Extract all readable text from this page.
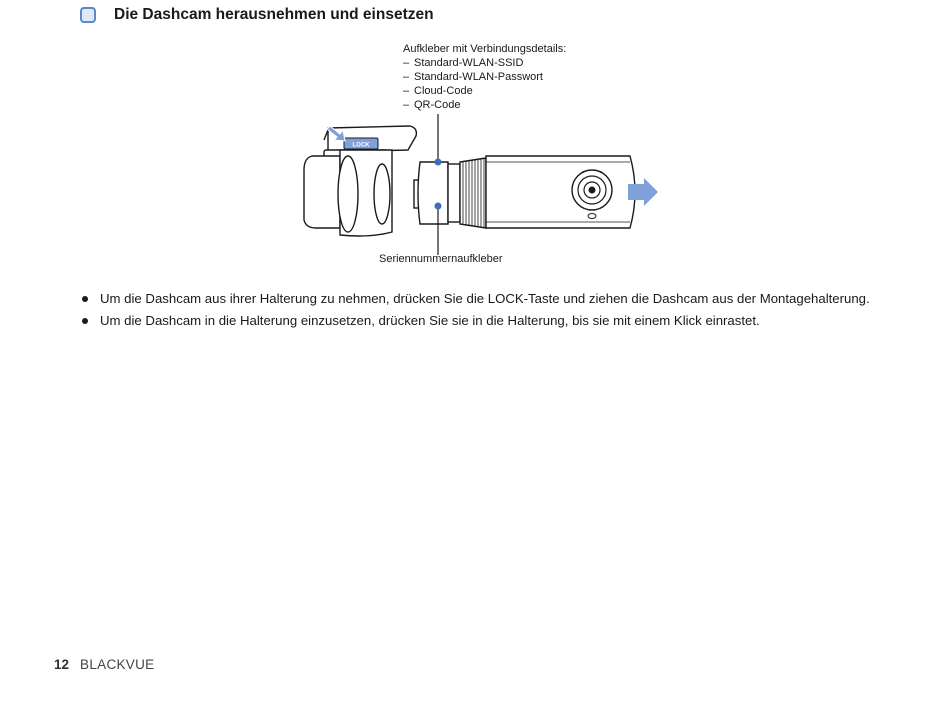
Die Dashcam herausnehmen und einsetzen
Aufkleber mit Verbindungsdetails:
– Standard-WLAN-SSID
– Standard-WLAN-Passwort
– Cloud-Code
– QR-Code
LOCK
Seriennummernaufkleber
Um die Dashcam aus ihrer Halterung zu nehmen, drücken Sie die LOCK-Taste und ziehen die Dashcam aus der Montagehalterung.
Um die Dashcam in die Halterung einzusetzen, drücken Sie sie in die Halterung, bis sie mit einem Klick einrastet.
12 BLACKVUE
